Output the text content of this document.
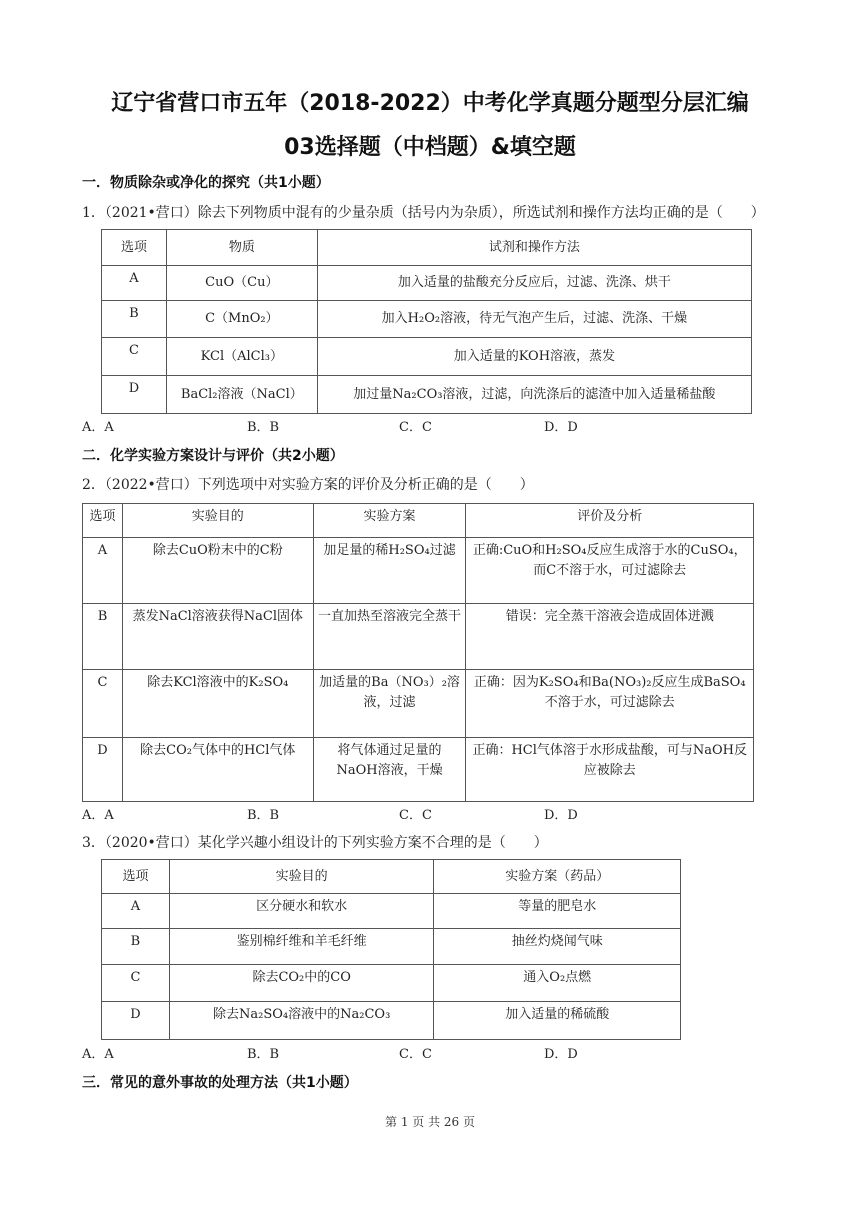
辽宁省营口市五年（2018-2022）中考化学真题分题型分层汇编
03选择题（中档题）&填空题
一．物质除杂或净化的探究（共1小题）
1．（2021•营口）除去下列物质中混有的少量杂质（括号内为杂质），所选试剂和操作方法均正确的是（　　）
选项	物质	试剂和操作方法
A	CuO（Cu）	加入适量的盐酸充分反应后，过滤、洗涤、烘干
B	C（MnO₂）	加入H₂O₂溶液，待无气泡产生后，过滤、洗涤、干燥
C	KCl（AlCl₃）	加入适量的KOH溶液，蒸发
D	BaCl₂溶液（NaCl）	加过量Na₂CO₃溶液，过滤，向洗涤后的滤渣中加入适量稀盐酸
A．A	B．B	C．C	D．D
二．化学实验方案设计与评价（共2小题）
2．（2022•营口）下列选项中对实验方案的评价及分析正确的是（　　）
选项	实验目的	实验方案	评价及分析
A	除去CuO粉末中的C粉	加足量的稀H₂SO₄过滤	正确:CuO和H₂SO₄反应生成溶于水的CuSO₄，而C不溶于水，可过滤除去
B	蒸发NaCl溶液获得NaCl固体	一直加热至溶液完全蒸干	错误：完全蒸干溶液会造成固体迸溅
C	除去KCl溶液中的K₂SO₄	加适量的Ba（NO₃）₂溶液，过滤	正确：因为K₂SO₄和Ba(NO₃)₂反应生成BaSO₄不溶于水，可过滤除去
D	除去CO₂气体中的HCl气体	将气体通过足量的NaOH溶液，干燥	正确：HCl气体溶于水形成盐酸，可与NaOH反应被除去
A．A	B．B	C．C	D．D
3．（2020•营口）某化学兴趣小组设计的下列实验方案不合理的是（　　）
选项	实验目的	实验方案（药品）
A	区分硬水和软水	等量的肥皂水
B	鉴别棉纤维和羊毛纤维	抽丝灼烧闻气味
C	除去CO₂中的CO	通入O₂点燃
D	除去Na₂SO₄溶液中的Na₂CO₃	加入适量的稀硫酸
A．A	B．B	C．C	D．D
三．常见的意外事故的处理方法（共1小题）
第 1 页 共 26 页
